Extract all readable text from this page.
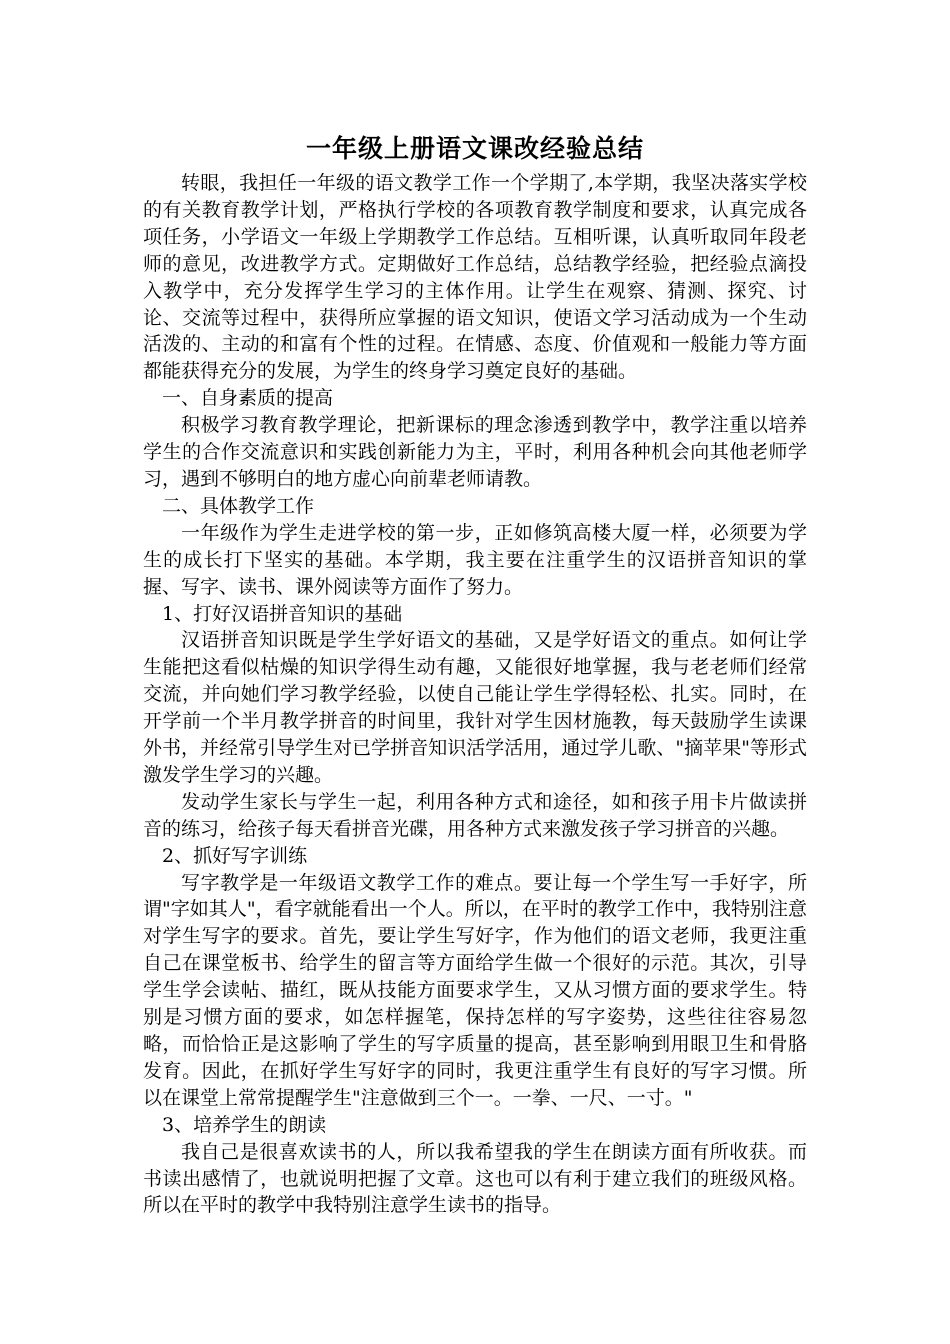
一年级上册语文课改经验总结

转眼，我担任一年级的语文教学工作一个学期了,本学期，我坚决落实学校的有关教育教学计划，严格执行学校的各项教育教学制度和要求，认真完成各项任务，小学语文一年级上学期教学工作总结。互相听课，认真听取同年段老师的意见，改进教学方式。定期做好工作总结，总结教学经验，把经验点滴投入教学中，充分发挥学生学习的主体作用。让学生在观察、猜测、探究、讨论、交流等过程中，获得所应掌握的语文知识，使语文学习活动成为一个生动活泼的、主动的和富有个性的过程。在情感、态度、价值观和一般能力等方面都能获得充分的发展，为学生的终身学习奠定良好的基础。

一、自身素质的提高

积极学习教育教学理论，把新课标的理念渗透到教学中，教学注重以培养学生的合作交流意识和实践创新能力为主，平时，利用各种机会向其他老师学习，遇到不够明白的地方虚心向前辈老师请教。

二、具体教学工作

一年级作为学生走进学校的第一步，正如修筑高楼大厦一样，必须要为学生的成长打下坚实的基础。本学期，我主要在注重学生的汉语拼音知识的掌握、写字、读书、课外阅读等方面作了努力。

1、打好汉语拼音知识的基础

汉语拼音知识既是学生学好语文的基础，又是学好语文的重点。如何让学生能把这看似枯燥的知识学得生动有趣，又能很好地掌握，我与老老师们经常交流，并向她们学习教学经验，以使自己能让学生学得轻松、扎实。同时，在开学前一个半月教学拼音的时间里，我针对学生因材施教，每天鼓励学生读课外书，并经常引导学生对已学拼音知识活学活用，通过学儿歌、"摘苹果"等形式激发学生学习的兴趣。

发动学生家长与学生一起，利用各种方式和途径，如和孩子用卡片做读拼音的练习，给孩子每天看拼音光碟，用各种方式来激发孩子学习拼音的兴趣。

2、抓好写字训练

写字教学是一年级语文教学工作的难点。要让每一个学生写一手好字，所谓"字如其人"，看字就能看出一个人。所以，在平时的教学工作中，我特别注意对学生写字的要求。首先，要让学生写好字，作为他们的语文老师，我更注重自己在课堂板书、给学生的留言等方面给学生做一个很好的示范。其次，引导学生学会读帖、描红，既从技能方面要求学生，又从习惯方面的要求学生。特别是习惯方面的要求，如怎样握笔，保持怎样的写字姿势，这些往往容易忽略，而恰恰正是这影响了学生的写字质量的提高，甚至影响到用眼卫生和骨胳发育。因此，在抓好学生写好字的同时，我更注重学生有良好的写字习惯。所以在课堂上常常提醒学生"注意做到三个一。一拳、一尺、一寸。"

3、培养学生的朗读

我自己是很喜欢读书的人，所以我希望我的学生在朗读方面有所收获。而书读出感情了，也就说明把握了文章。这也可以有利于建立我们的班级风格。所以在平时的教学中我特别注意学生读书的指导。
